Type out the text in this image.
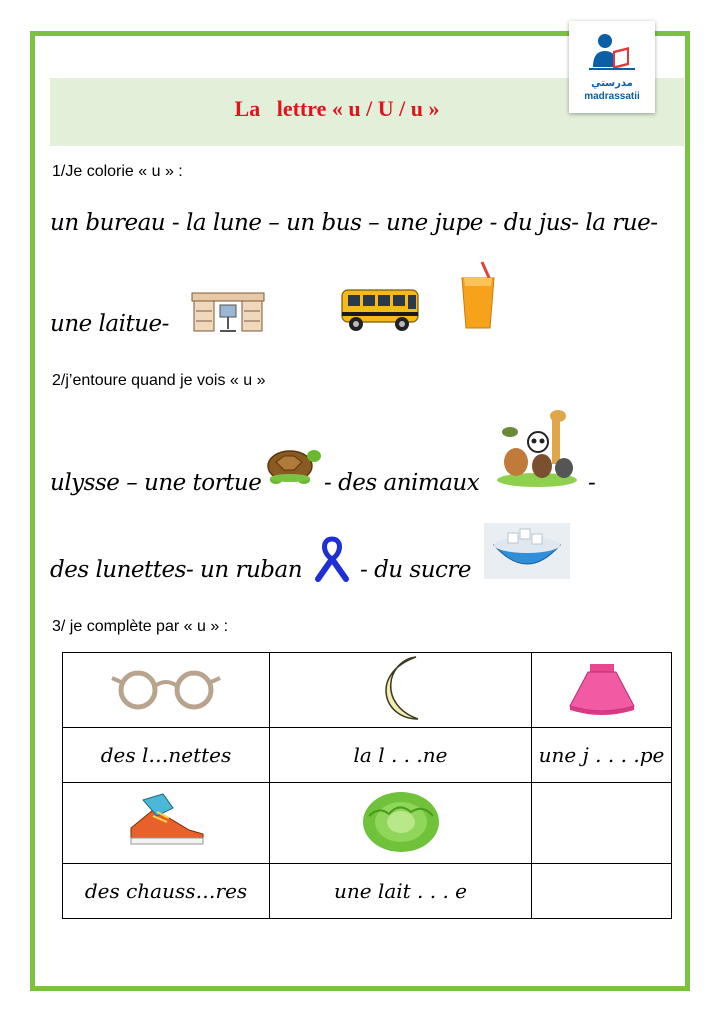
La   lettre « u / U / u »
مدرستي
madrassatii
1/Je colorie « u » :
un bureau - la lune – un bus – une jupe - du jus- la rue-
une laitue-
2/j’entoure quand je vois « u »
ulysse – une tortue	- des animaux	-
des lunettes- un ruban	- du sucre
3/ je complète par « u » :

des l…nettes	la l . . .ne	une j . . . .pe

des chauss…res	une lait . . . e	
